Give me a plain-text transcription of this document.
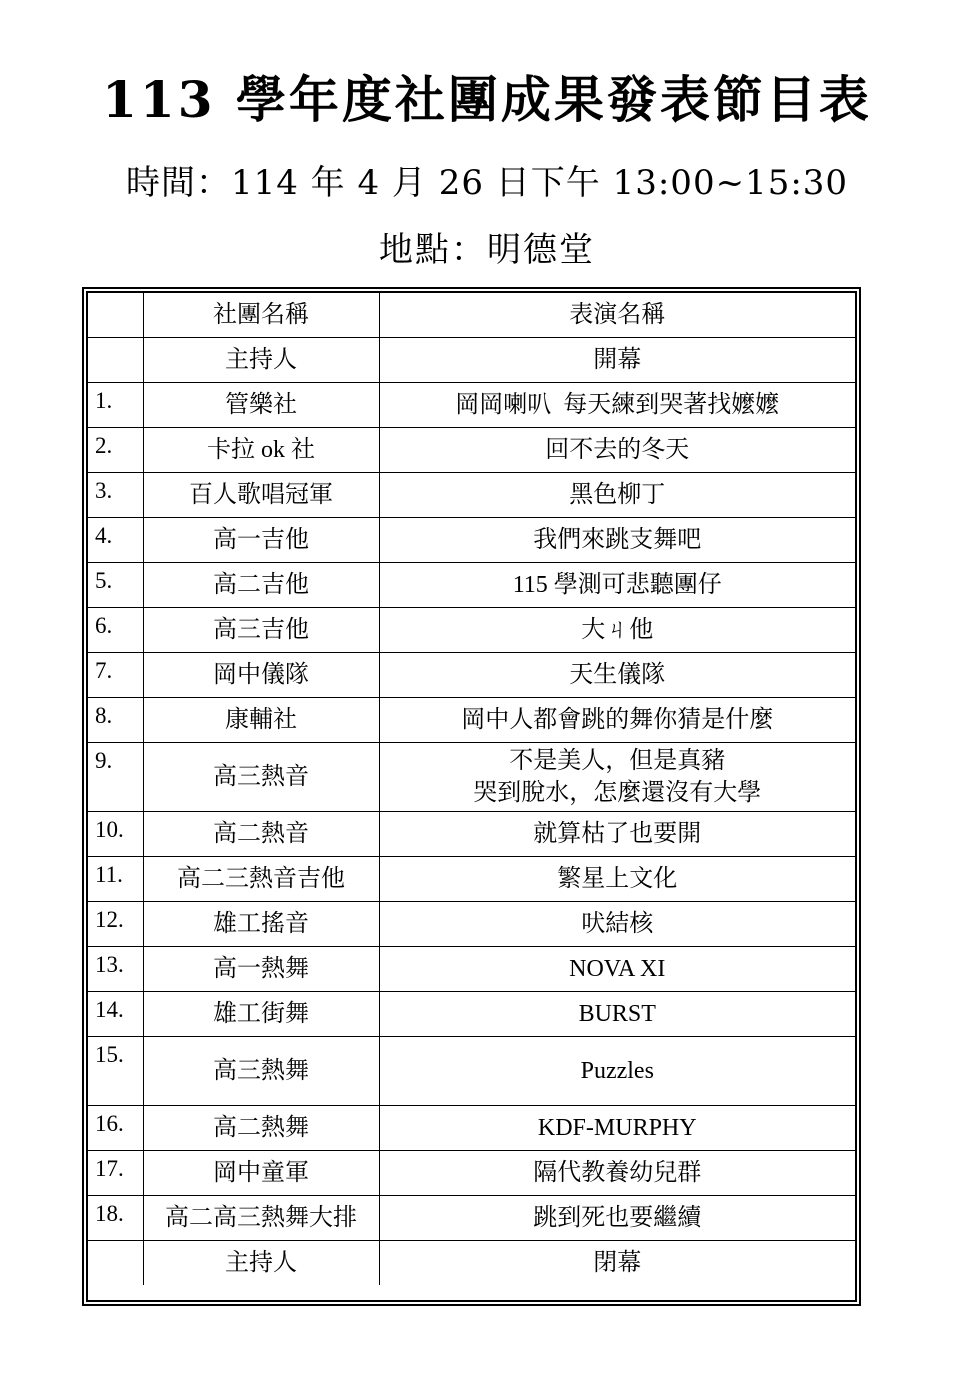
113 學年度社團成果發表節目表
時間：114 年 4 月 26 日下午 13:00~15:30
地點：明德堂
	社團名稱	表演名稱
	主持人	開幕
1.	管樂社	岡岡喇叭  每天練到哭著找嬤嬤
2.	卡拉 ok 社	回不去的冬天
3.	百人歌唱冠軍	黑色柳丁
4.	高一吉他	我們來跳支舞吧
5.	高二吉他	115 學測可悲聽團仔
6.	高三吉他	大ㄐ他
7.	岡中儀隊	天生儀隊
8.	康輔社	岡中人都會跳的舞你猜是什麼
9.	高三熱音	不是美人，但是真豬
哭到脫水，怎麼還沒有大學

10.	高二熱音	就算枯了也要開
11.	高二三熱音吉他	繁星上文化
12.	雄工搖音	吠結核
13.	高一熱舞	NOVA XI
14.	雄工街舞	BURST
15.	高三熱舞	Puzzles
16.	高二熱舞	KDF-MURPHY
17.	岡中童軍	隔代教養幼兒群
18.	高二高三熱舞大排	跳到死也要繼續
	主持人	閉幕
